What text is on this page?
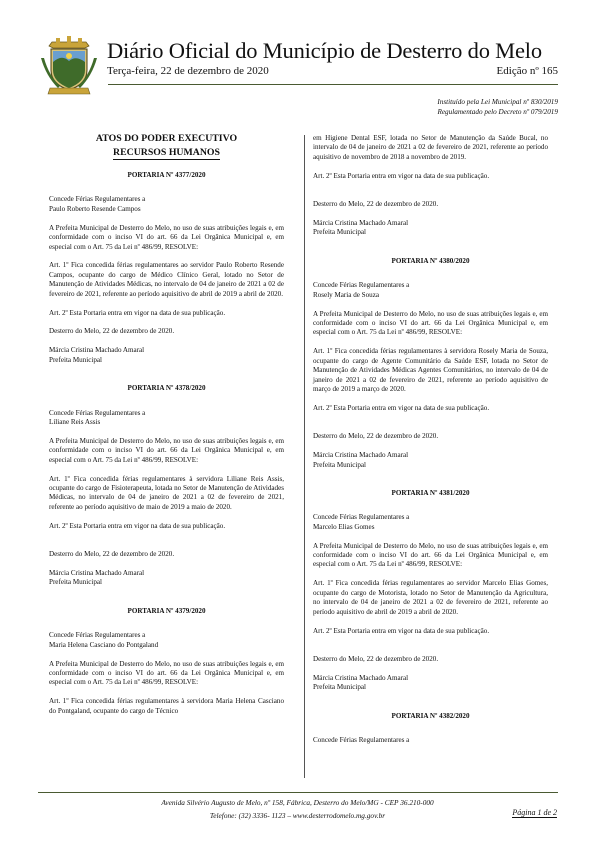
Diário Oficial do Município de Desterro do Melo
Terça-feira, 22 de dezembro de 2020	Edição nº 165
Instituído pela Lei Municipal nº 830/2019
Regulamentado pelo Decreto nº 079/2019
ATOS DO PODER EXECUTIVO
RECURSOS HUMANOS
PORTARIA Nº 4377/2020
Concede Férias Regulamentares a
Paulo Roberto Resende Campos
A Prefeita Municipal de Desterro do Melo, no uso de suas atribuições legais e, em conformidade com o inciso VI do art. 66 da Lei Orgânica Municipal e, em especial com o Art. 75 da Lei nº 486/99, RESOLVE:
Art. 1º Fica concedida férias regulamentares ao servidor Paulo Roberto Resende Campos, ocupante do cargo de Médico Clínico Geral, lotado no Setor de Manutenção de Atividades Médicas, no intervalo de 04 de janeiro de 2021 a 02 de fevereiro de 2021, referente ao período aquisitivo de abril de 2019 a abril de 2020.
Art. 2º Esta Portaria entra em vigor na data de sua publicação.
Desterro do Melo, 22 de dezembro de 2020.
Márcia Cristina Machado Amaral
Prefeita Municipal
PORTARIA Nº 4378/2020
Concede Férias Regulamentares a
Liliane Reis Assis
A Prefeita Municipal de Desterro do Melo, no uso de suas atribuições legais e, em conformidade com o inciso VI do art. 66 da Lei Orgânica Municipal e, em especial com o Art. 75 da Lei nº 486/99, RESOLVE:
Art. 1º Fica concedida férias regulamentares à servidora Liliane Reis Assis, ocupante do cargo de Fisioterapeuta, lotada no Setor de Manutenção de Atividades Médicas, no intervalo de 04 de janeiro de 2021 a 02 de fevereiro de 2021, referente ao período aquisitivo de maio de 2019 a maio de 2020.
Art. 2º Esta Portaria entra em vigor na data de sua publicação.
Desterro do Melo, 22 de dezembro de 2020.
Márcia Cristina Machado Amaral
Prefeita Municipal
PORTARIA Nº 4379/2020
Concede Férias Regulamentares a
Maria Helena Casciano do Pontgaland
A Prefeita Municipal de Desterro do Melo, no uso de suas atribuições legais e, em conformidade com o inciso VI do art. 66 da Lei Orgânica Municipal e, em especial com o Art. 75 da Lei nº 486/99, RESOLVE:
Art. 1º Fica concedida férias regulamentares à servidora Maria Helena Casciano do Pontgaland, ocupante do cargo de Técnico
em Higiene Dental ESF, lotada no Setor de Manutenção da Saúde Bucal, no intervalo de 04 de janeiro de 2021 a 02 de fevereiro de 2021, referente ao período aquisitivo de novembro de 2018 a novembro de 2019.
Art. 2º Esta Portaria entra em vigor na data de sua publicação.
Desterro do Melo, 22 de dezembro de 2020.
Márcia Cristina Machado Amaral
Prefeita Municipal
PORTARIA Nº 4380/2020
Concede Férias Regulamentares a
Rosely Maria de Souza
A Prefeita Municipal de Desterro do Melo, no uso de suas atribuições legais e, em conformidade com o inciso VI do art. 66 da Lei Orgânica Municipal e, em especial com o Art. 75 da Lei nº 486/99, RESOLVE:
Art. 1º Fica concedida férias regulamentares à servidora Rosely Maria de Souza, ocupante do cargo de Agente Comunitário da Saúde ESF, lotada no Setor de Manutenção de Atividades Médicas Agentes Comunitários, no intervalo de 04 de janeiro de 2021 a 02 de fevereiro de 2021, referente ao período aquisitivo de março de 2019 a março de 2020.
Art. 2º Esta Portaria entra em vigor na data de sua publicação.
Desterro do Melo, 22 de dezembro de 2020.
Márcia Cristina Machado Amaral
Prefeita Municipal
PORTARIA Nº 4381/2020
Concede Férias Regulamentares a
Marcelo Elias Gomes
A Prefeita Municipal de Desterro do Melo, no uso de suas atribuições legais e, em conformidade com o inciso VI do art. 66 da Lei Orgânica Municipal e, em especial com o Art. 75 da Lei nº 486/99, RESOLVE:
Art. 1º Fica concedida férias regulamentares ao servidor Marcelo Elias Gomes, ocupante do cargo de Motorista, lotado no Setor de Manutenção da Agricultura, no intervalo de 04 de janeiro de 2021 a 02 de fevereiro de 2021, referente ao período aquisitivo de abril de 2019 a abril de 2020.
Art. 2º Esta Portaria entra em vigor na data de sua publicação.
Desterro do Melo, 22 de dezembro de 2020.
Márcia Cristina Machado Amaral
Prefeita Municipal
PORTARIA Nº 4382/2020
Concede Férias Regulamentares a
Avenida Silvério Augusto de Melo, nº 158, Fábrica, Desterro do Melo/MG - CEP 36.210-000
Telefone: (32) 3336- 1123 – www.desterrodomelo.mg.gov.br	Página 1 de 2
